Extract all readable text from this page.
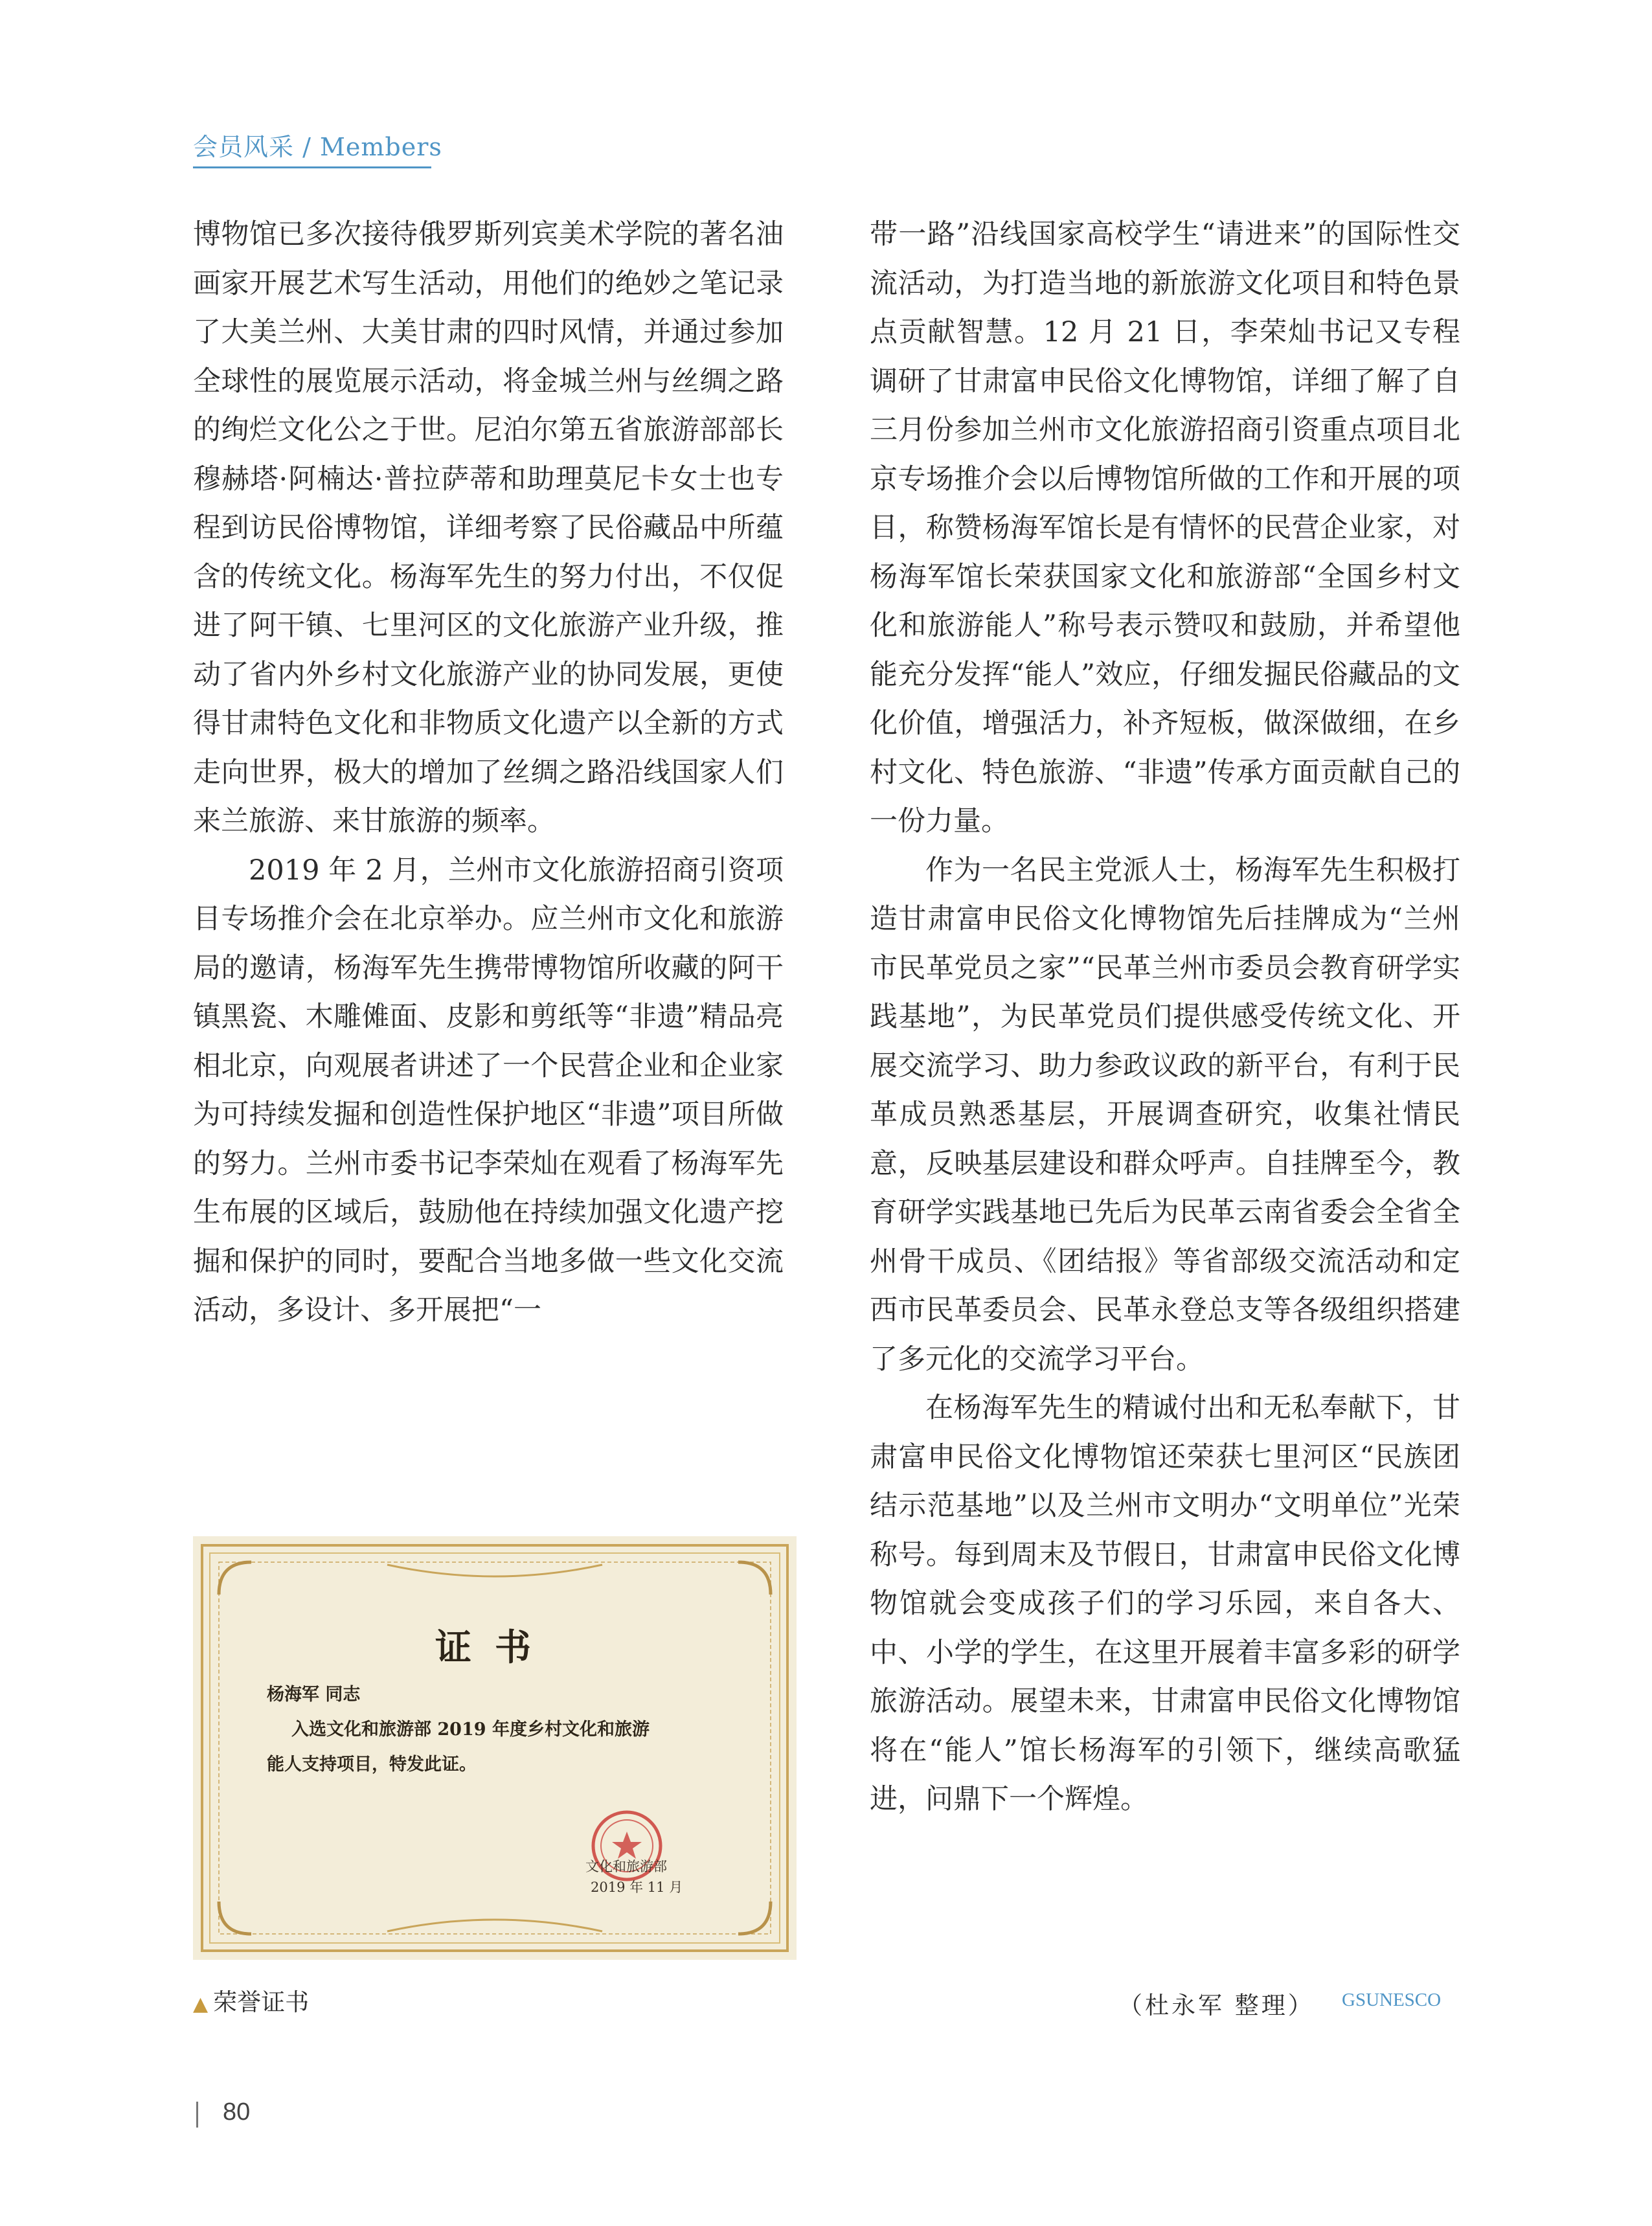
会员风采 / Members

博物馆已多次接待俄罗斯列宾美术学院的著名油画家开展艺术写生活动，用他们的绝妙之笔记录了大美兰州、大美甘肃的四时风情，并通过参加全球性的展览展示活动，将金城兰州与丝绸之路的绚烂文化公之于世。尼泊尔第五省旅游部部长穆赫塔·阿楠达·普拉萨蒂和助理莫尼卡女士也专程到访民俗博物馆，详细考察了民俗藏品中所蕴含的传统文化。杨海军先生的努力付出，不仅促进了阿干镇、七里河区的文化旅游产业升级，推动了省内外乡村文化旅游产业的协同发展，更使得甘肃特色文化和非物质文化遗产以全新的方式走向世界，极大的增加了丝绸之路沿线国家人们来兰旅游、来甘旅游的频率。

2019 年 2 月，兰州市文化旅游招商引资项目专场推介会在北京举办。应兰州市文化和旅游局的邀请，杨海军先生携带博物馆所收藏的阿干镇黑瓷、木雕傩面、皮影和剪纸等“非遗”精品亮相北京，向观展者讲述了一个民营企业和企业家为可持续发掘和创造性保护地区“非遗”项目所做的努力。兰州市委书记李荣灿在观看了杨海军先生布展的区域后，鼓励他在持续加强文化遗产挖掘和保护的同时，要配合当地多做一些文化交流活动，多设计、多开展把“一

带一路”沿线国家高校学生“请进来”的国际性交流活动，为打造当地的新旅游文化项目和特色景点贡献智慧。12 月 21 日，李荣灿书记又专程调研了甘肃富申民俗文化博物馆，详细了解了自三月份参加兰州市文化旅游招商引资重点项目北京专场推介会以后博物馆所做的工作和开展的项目，称赞杨海军馆长是有情怀的民营企业家，对杨海军馆长荣获国家文化和旅游部“全国乡村文化和旅游能人”称号表示赞叹和鼓励，并希望他能充分发挥“能人”效应，仔细发掘民俗藏品的文化价值，增强活力，补齐短板，做深做细，在乡村文化、特色旅游、“非遗”传承方面贡献自己的一份力量。

作为一名民主党派人士，杨海军先生积极打造甘肃富申民俗文化博物馆先后挂牌成为“兰州市民革党员之家”“民革兰州市委员会教育研学实践基地”，为民革党员们提供感受传统文化、开展交流学习、助力参政议政的新平台，有利于民革成员熟悉基层，开展调查研究，收集社情民意，反映基层建设和群众呼声。自挂牌至今，教育研学实践基地已先后为民革云南省委会全省全州骨干成员、《团结报》等省部级交流活动和定西市民革委员会、民革永登总支等各级组织搭建了多元化的交流学习平台。

在杨海军先生的精诚付出和无私奉献下，甘肃富申民俗文化博物馆还荣获七里河区“民族团结示范基地”以及兰州市文明办“文明单位”光荣称号。每到周末及节假日，甘肃富申民俗文化博物馆就会变成孩子们的学习乐园，来自各大、中、小学的学生，在这里开展着丰富多彩的研学旅游活动。展望未来，甘肃富申民俗文化博物馆将在“能人”馆长杨海军的引领下，继续高歌猛进，问鼎下一个辉煌。

证书
杨海军 同志
入选文化和旅游部 2019 年度乡村文化和旅游
能人支持项目，特发此证。
文化和旅游部
2019 年 11 月
▲ 荣誉证书	（杜永军 整理） GSUNESCO
80
